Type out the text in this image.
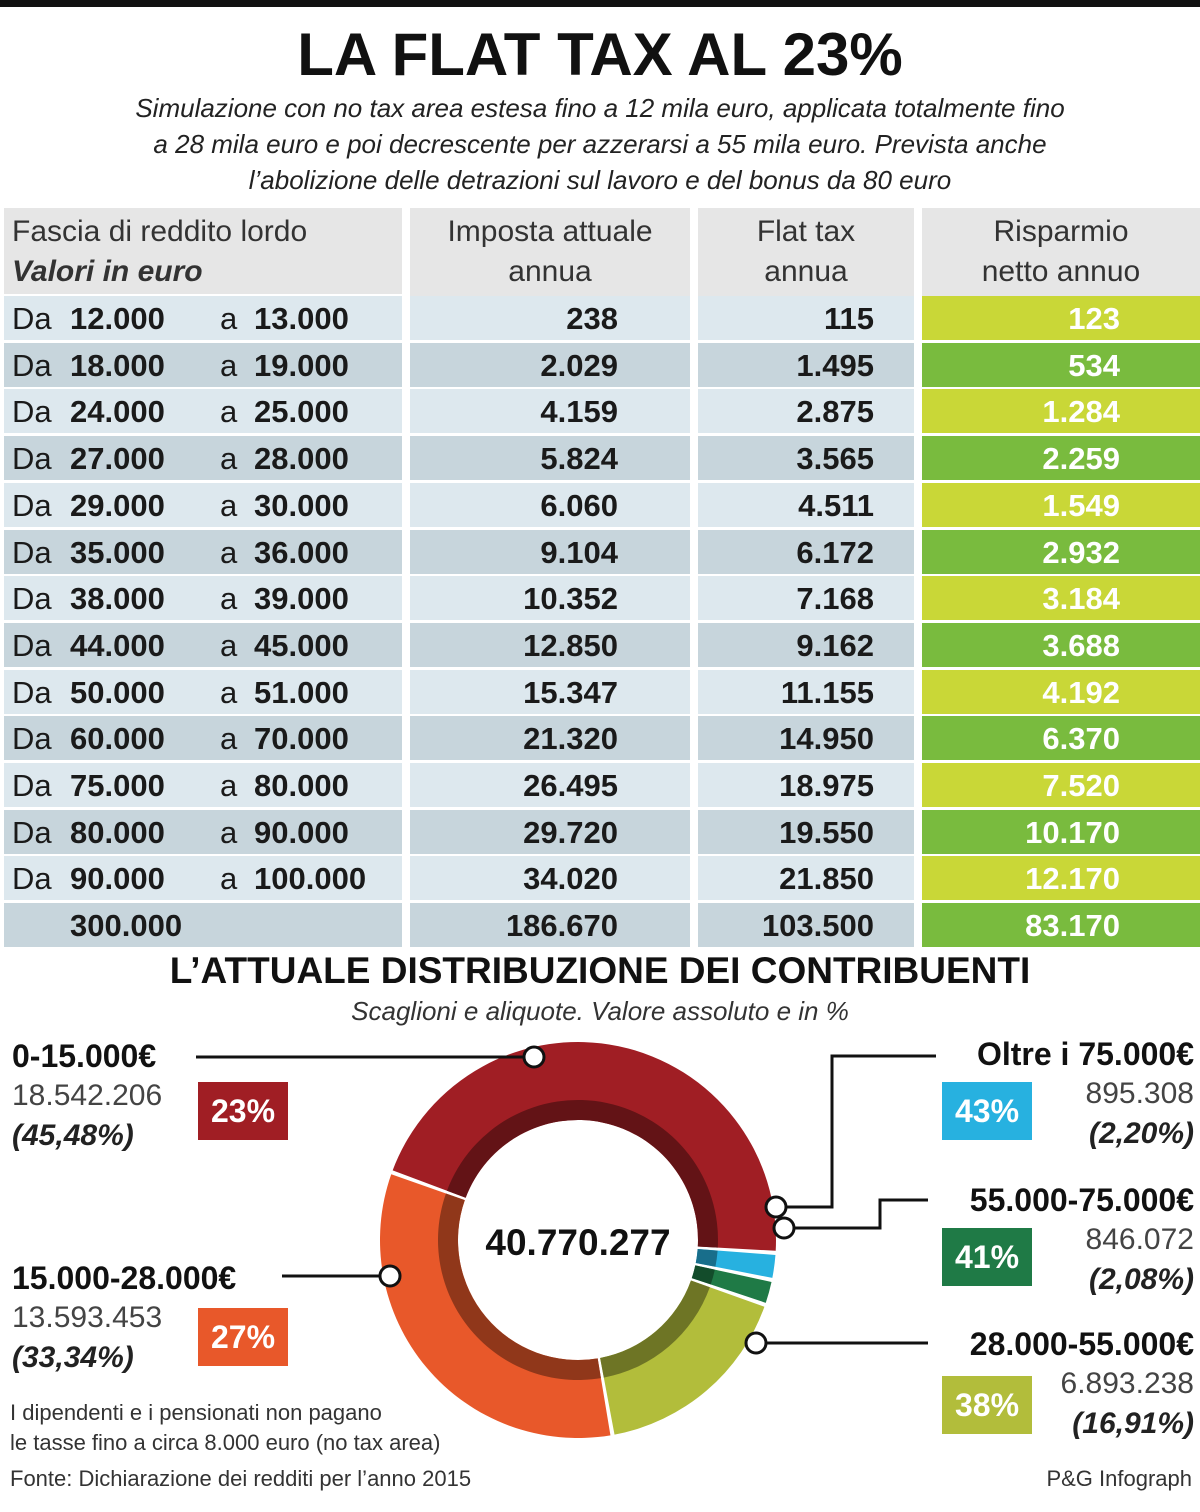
LA FLAT TAX AL 23%
Simulazione con no tax area estesa fino a 12 mila euro, applicata totalmente fino
a 28 mila euro e poi decrescente per azzerarsi a 55 mila euro. Prevista anche
l’abolizione delle detrazioni sul lavoro e del bonus da 80 euro
Fascia di reddito lordo
Valori in euro
Imposta attuale
annua
Flat tax
annua
Risparmio
netto annuo
Da 12.000 a 13.000	238	115	123
Da 18.000 a 19.000	2.029	1.495	534
Da 24.000 a 25.000	4.159	2.875	1.284
Da 27.000 a 28.000	5.824	3.565	2.259
Da 29.000 a 30.000	6.060	4.511	1.549
Da 35.000 a 36.000	9.104	6.172	2.932
Da 38.000 a 39.000	10.352	7.168	3.184
Da 44.000 a 45.000	12.850	9.162	3.688
Da 50.000 a 51.000	15.347	11.155	4.192
Da 60.000 a 70.000	21.320	14.950	6.370
Da 75.000 a 80.000	26.495	18.975	7.520
Da 80.000 a 90.000	29.720	19.550	10.170
Da 90.000 a 100.000	34.020	21.850	12.170
300.000	186.670	103.500	83.170
L’ATTUALE DISTRIBUZIONE DEI CONTRIBUENTI
Scaglioni e aliquote. Valore assoluto e in %
40.770.277
0-15.000€
18.542.206
(45,48%)
23%
15.000-28.000€
13.593.453
(33,34%)
27%
Oltre i 75.000€
895.308
(2,20%)
43%
55.000-75.000€
846.072
(2,08%)
41%
28.000-55.000€
6.893.238
(16,91%)
38%
I dipendenti e i pensionati non pagano
le tasse fino a circa 8.000 euro (no tax area)
Fonte: Dichiarazione dei redditi per l’anno 2015	P&G Infograph
